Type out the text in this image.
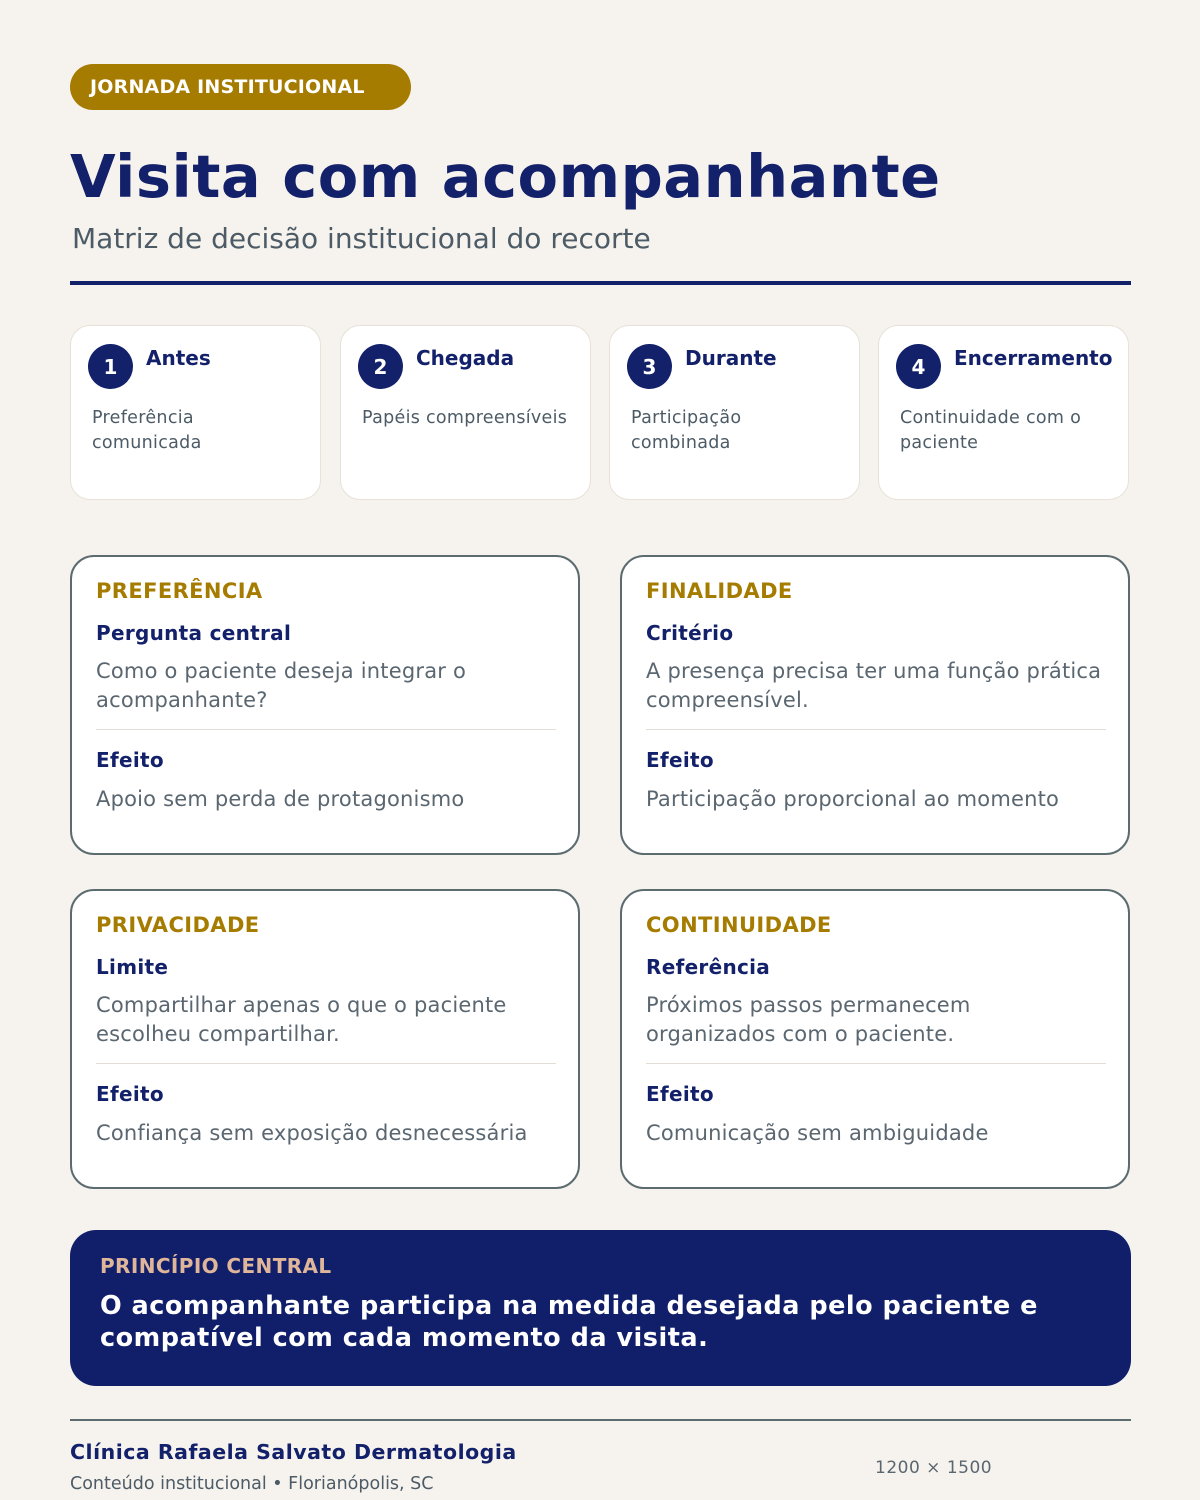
JORNADA INSTITUCIONAL
Visita com acompanhante
Matriz de decisão institucional do recorte
1	Antes
Preferência comunicada
2	Chegada
Papéis compreensíveis
3	Durante
Participação combinada
4	Encerramento
Continuidade com o paciente
PREFERÊNCIA
Pergunta central
Como o paciente deseja integrar o acompanhante?
Efeito
Apoio sem perda de protagonismo
FINALIDADE
Critério
A presença precisa ter uma função prática compreensível.
Efeito
Participação proporcional ao momento
PRIVACIDADE
Limite
Compartilhar apenas o que o paciente escolheu compartilhar.
Efeito
Confiança sem exposição desnecessária
CONTINUIDADE
Referência
Próximos passos permanecem organizados com o paciente.
Efeito
Comunicação sem ambiguidade
PRINCÍPIO CENTRAL
O acompanhante participa na medida desejada pelo paciente e compatível com cada momento da visita.
Clínica Rafaela Salvato Dermatologia
Conteúdo institucional • Florianópolis, SC
1200 × 1500
